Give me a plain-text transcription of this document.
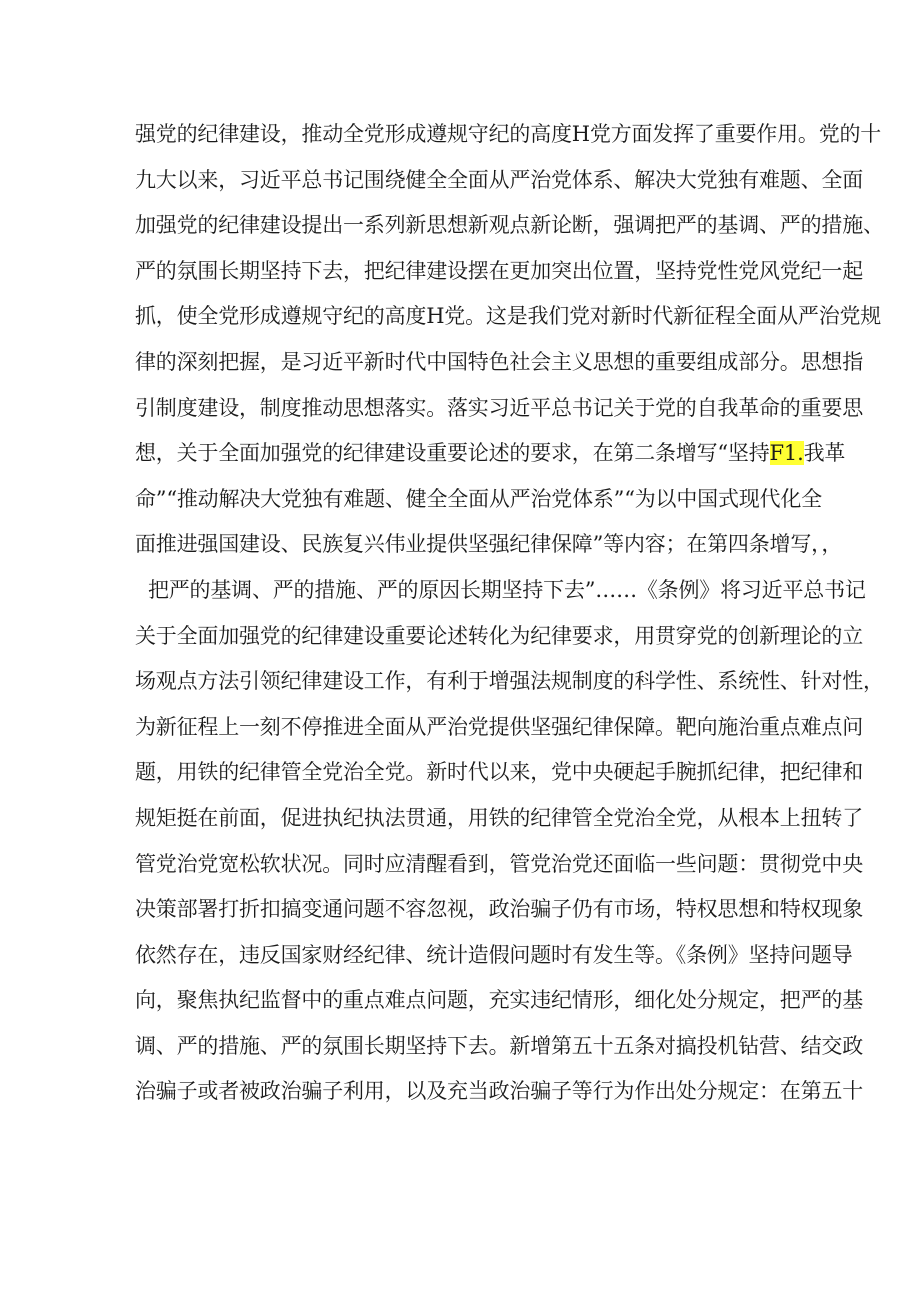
强党的纪律建设，推动全党形成遵规守纪的高度H党方面发挥了重要作用。党的十
九大以来，习近平总书记围绕健全全面从严治党体系、解决大党独有难题、全面
加强党的纪律建设提出一系列新思想新观点新论断，强调把严的基调、严的措施、
严的氛围长期坚持下去，把纪律建设摆在更加突出位置，坚持党性党风党纪一起
抓，使全党形成遵规守纪的高度H党。这是我们党对新时代新征程全面从严治党规
律的深刻把握，是习近平新时代中国特色社会主义思想的重要组成部分。思想指
引制度建设，制度推动思想落实。落实习近平总书记关于党的自我革命的重要思
想，关于全面加强党的纪律建设重要论述的要求，在第二条增写“坚持F1.我革
命”“推动解决大党独有难题、健全全面从严治党体系”“为以中国式现代化全
面推进强国建设、民族复兴伟业提供坚强纪律保障”等内容；在第四条增写，，
把严的基调、严的措施、严的原因长期坚持下去”……《条例》将习近平总书记
关于全面加强党的纪律建设重要论述转化为纪律要求，用贯穿党的创新理论的立
场观点方法引领纪律建设工作，有利于增强法规制度的科学性、系统性、针对性，
为新征程上一刻不停推进全面从严治党提供坚强纪律保障。靶向施治重点难点问
题，用铁的纪律管全党治全党。新时代以来，党中央硬起手腕抓纪律，把纪律和
规矩挺在前面，促进执纪执法贯通，用铁的纪律管全党治全党，从根本上扭转了
管党治党宽松软状况。同时应清醒看到，管党治党还面临一些问题：贯彻党中央
决策部署打折扣搞变通问题不容忽视，政治骗子仍有市场，特权思想和特权现象
依然存在，违反国家财经纪律、统计造假问题时有发生等。《条例》坚持问题导
向，聚焦执纪监督中的重点难点问题，充实违纪情形，细化处分规定，把严的基
调、严的措施、严的氛围长期坚持下去。新增第五十五条对搞投机钻营、结交政
治骗子或者被政治骗子利用，以及充当政治骗子等行为作出处分规定：在第五十
